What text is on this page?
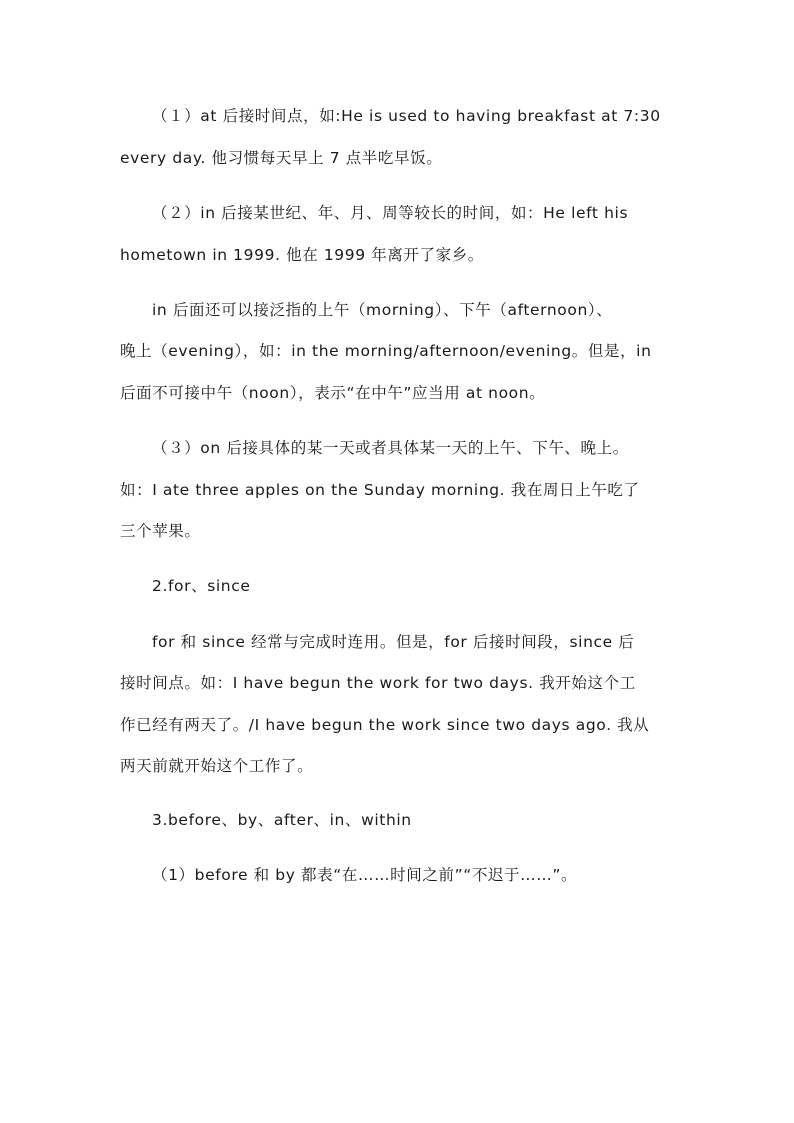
（１）at 后接时间点，如:He is used to having breakfast at 7:30
every day. 他习惯每天早上 7 点半吃早饭。
（２）in 后接某世纪、年、月、周等较长的时间，如：He left his
hometown in 1999. 他在 1999 年离开了家乡。
in 后面还可以接泛指的上午（morning）、下午（afternoon）、
晚上（evening），如：in the morning/afternoon/evening。但是，in
后面不可接中午（noon），表示“在中午”应当用 at noon。
（３）on 后接具体的某一天或者具体某一天的上午、下午、晚上。
如：I ate three apples on the Sunday morning. 我在周日上午吃了
三个苹果。
2.for、since
for 和 since 经常与完成时连用。但是，for 后接时间段，since 后
接时间点。如：I have begun the work for two days. 我开始这个工
作已经有两天了。/I have begun the work since two days ago. 我从
两天前就开始这个工作了。
3.before、by、after、in、within
（1）before 和 by 都表“在……时间之前”“不迟于……”。
